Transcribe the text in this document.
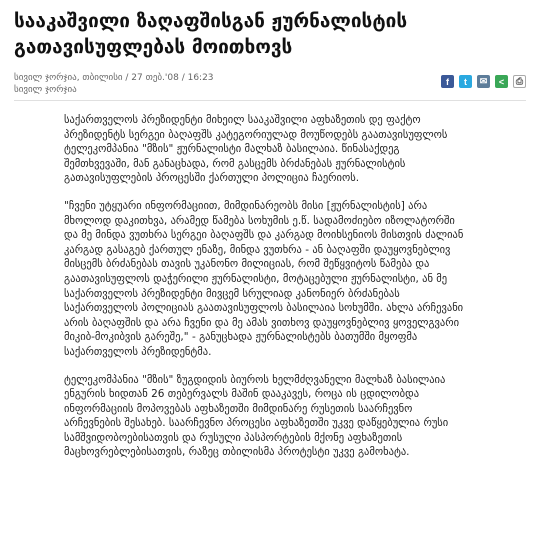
სააკაშვილი ზაღაფშისგან ჟურნალისტის გათავისუფლებას მოითხოვს
სივილ ჯორჯია, თბილისი / 27 თებ.'08 / 16:23
სივილ ჯორჯია
f	t	✉	<	⎙

საქართველოს პრეზიდენტი მიხეილ სააკაშვილი აფხაზეთის დე ფაქტო პრეზიდენტს სერგეი ბაღაფშს კატეგორიულად მოუწოდებს გაათავისუფლოს ტელეკომპანია "მზის" ჟურნალისტი მალხაზ ბასილაია. წინასაქდეგ შემთხვევაში, მან განაცხადა, რომ გასცემს ბრძანებას ჟურნალისტის გათავისუფლების პროცესში ქართული პოლიცია ჩაერიოს.

"ჩვენი უტყუარი ინფორმაციით, მიმდინარეობს მისი [ჟურნალისტის] არა მხოლოდ დაკითხვა, არამედ წამება სოხუმის ე.წ. სადამოძიებო იზოლატორში და მე მინდა ვუთხრა სერგეი ბაღაფშს და კარგად მოიხსენიოს მისთვის ძალიან კარგად გასაგებ ქართულ ენაზე, მინდა ვუთხრა - ან ბაღაფში დაუყოვნებლივ მისცემს ბრძანებას თავის უკანონო მილიციას, რომ შეწყვიტოს წამება და გაათავისუფლოს დაჭერილი ჟურნალისტი, მოტაცებული ჟურნალისტი, ან მე საქართველოს პრეზიდენტი მივცემ სრულიად კანონიერ ბრძანებას საქართველოს პოლიციას გაათავისუფლოს ბასილაია სოხუმში. ახლა არჩევანი არის ბაღაფშის და არა ჩვენი და მე ამას ვითხოვ დაუყოვნებლივ ყოველგვარი მიკიბ-მოკიბვის გარეშე," - განუცხადა ჟურნალისტებს ბათუმში მყოფმა საქართველოს პრეზიდენტმა.

ტელეკომპანია "მზის" ზუგდიდის ბიუროს ხელმძღვანელი მალხაზ ბასილაია ენგურის ხიდთან 26 თებერვალს მაშინ დააკავეს, როცა ის ცდილობდა ინფორმაციის მოპოვებას აფხაზეთში მიმდინარე რუსეთის საარჩევნო არჩევნების შესახებ. საარჩევნო პროცესი აფხაზეთში უკვე დაწყებულია რუსი სამშვიდობოებისათვის და რუსული პასპორტების მქონე აფხაზეთის მაცხოვრებლებისათვის, რაზეც თბილისმა პროტესტი უკვე გამოხატა.
